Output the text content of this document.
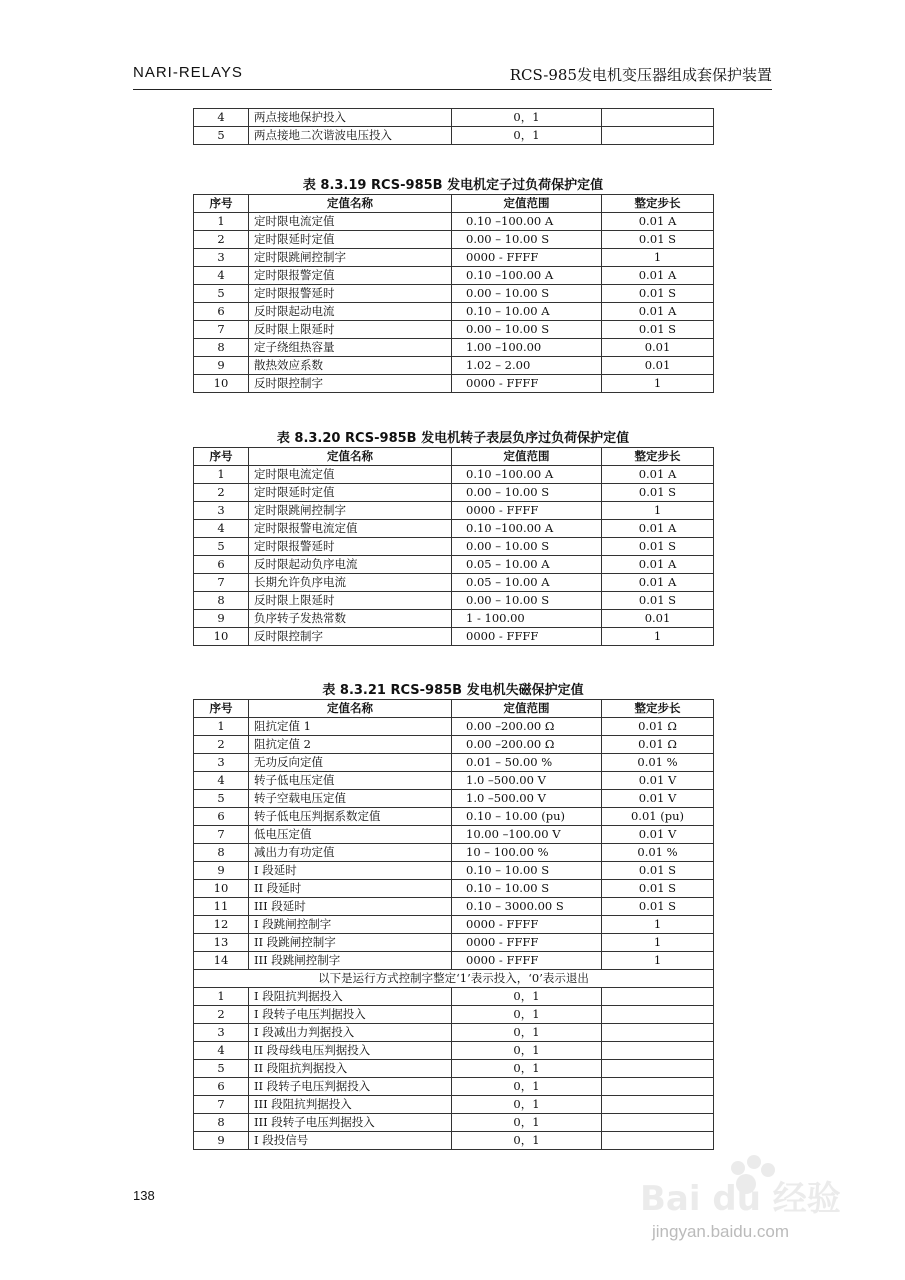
NARI-RELAYS	RCS-985发电机变压器组成套保护装置
4	两点接地保护投入	0，1	
5	两点接地二次谐波电压投入	0，1	
表 8.3.19 RCS-985B 发电机定子过负荷保护定值
序号	定值名称	定值范围	整定步长
1	定时限电流定值	0.10 –100.00 A	0.01 A
2	定时限延时定值	0.00 – 10.00 S	0.01 S
3	定时限跳闸控制字	0000 - FFFF	1
4	定时限报警定值	0.10 –100.00 A	0.01 A
5	定时限报警延时	0.00 – 10.00 S	0.01 S
6	反时限起动电流	0.10 – 10.00 A	0.01 A
7	反时限上限延时	0.00 – 10.00 S	0.01 S
8	定子绕组热容量	1.00 –100.00	0.01
9	散热效应系数	1.02 – 2.00	0.01
10	反时限控制字	0000 - FFFF	1
表 8.3.20 RCS-985B 发电机转子表层负序过负荷保护定值
序号	定值名称	定值范围	整定步长
1	定时限电流定值	0.10 –100.00 A	0.01 A
2	定时限延时定值	0.00 – 10.00 S	0.01 S
3	定时限跳闸控制字	0000 - FFFF	1
4	定时限报警电流定值	0.10 –100.00 A	0.01 A
5	定时限报警延时	0.00 – 10.00 S	0.01 S
6	反时限起动负序电流	0.05 – 10.00 A	0.01 A
7	长期允许负序电流	0.05 – 10.00 A	0.01 A
8	反时限上限延时	0.00 – 10.00 S	0.01 S
9	负序转子发热常数	1 - 100.00	0.01
10	反时限控制字	0000 - FFFF	1
表 8.3.21 RCS-985B 发电机失磁保护定值
序号	定值名称	定值范围	整定步长
1	阻抗定值 1	0.00 –200.00 Ω	0.01 Ω
2	阻抗定值 2	0.00 –200.00 Ω	0.01 Ω
3	无功反向定值	0.01 – 50.00 %	0.01 %
4	转子低电压定值	1.0 –500.00 V	0.01 V
5	转子空载电压定值	1.0 –500.00 V	0.01 V
6	转子低电压判据系数定值	0.10 – 10.00 (pu)	0.01 (pu)
7	低电压定值	10.00 –100.00 V	0.01 V
8	减出力有功定值	10 – 100.00 %	0.01 %
9	I 段延时	0.10 – 10.00 S	0.01 S
10	II 段延时	0.10 – 10.00 S	0.01 S
11	III 段延时	0.10 – 3000.00 S	0.01 S
12	I 段跳闸控制字	0000 - FFFF	1
13	II 段跳闸控制字	0000 - FFFF	1
14	III 段跳闸控制字	0000 - FFFF	1
以下是运行方式控制字整定‘1’表示投入，‘0’表示退出			
1	I 段阻抗判据投入	0，1	
2	I 段转子电压判据投入	0，1	
3	I 段减出力判据投入	0，1	
4	II 段母线电压判据投入	0，1	
5	II 段阻抗判据投入	0，1	
6	II 段转子电压判据投入	0，1	
7	III 段阻抗判据投入	0，1	
8	III 段转子电压判据投入	0，1	
9	I 段投信号	0，1	
138	Bai du 经验
jingyan.baidu.com
